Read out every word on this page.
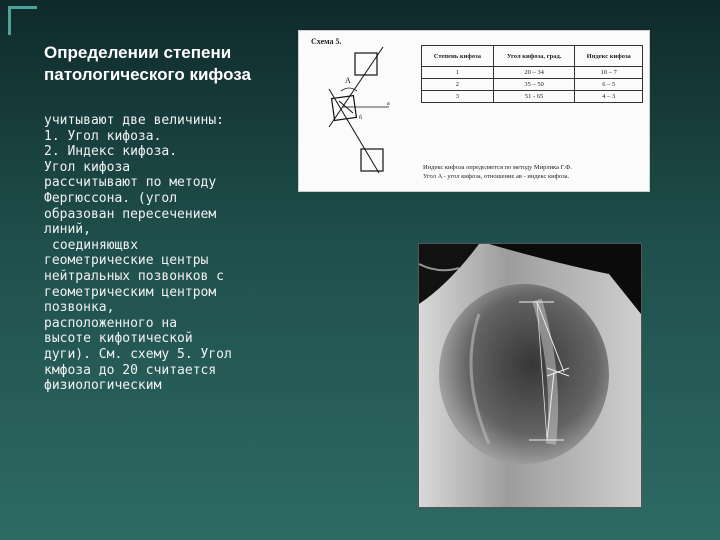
Определении степени патологического кифоза
учитывают две величины:
1. Угол кифоза.
2. Индекс кифоза.
Угол кифоза
рассчитывают по методу
Фергюссона. (угол
образован пересечением
линий,
соединяющвх
геометрические центры
нейтральных позвонков с
геометрическим центром
позвонка,
расположенного на
высоте кифотической
дуги). См. схему 5. Угол
кмфоза до 20 считается
физиологическим
A
б
а
Схема 5.
Степень кифоза	Угол кифоза, град.	Индекс кифоза
1	20 – 34	10 – 7
2	35 – 50	6 – 5
3	51 - 65	4 – 3
Индекс кифоза определяется по методу Мирлика Г.Ф.
Угол A - угол кифоза, отношение ав - индекс кифоза.
